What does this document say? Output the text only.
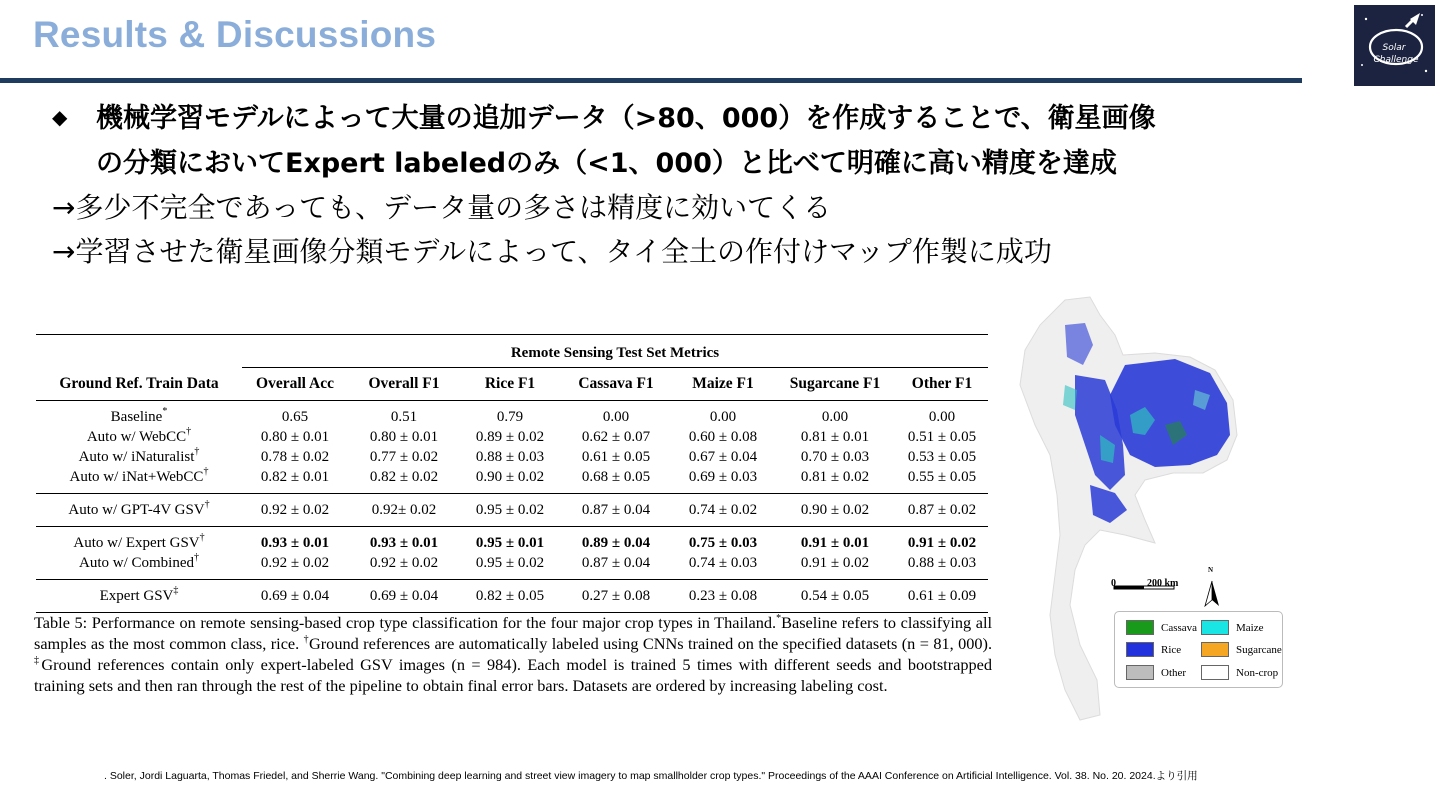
Results & Discussions	Solar
Challenge
◆	機械学習モデルによって大量の追加データ（>80、000）を作成することで、衛星画像
の分類においてExpert labeledのみ（<1、000）と比べて明確に高い精度を達成
→多少不完全であっても、データ量の多さは精度に効いてくる
→学習させた衛星画像分類モデルによって、タイ全土の作付けマップ作製に成功
	Remote Sensing Test Set Metrics						
Ground Ref. Train Data	Overall Acc	Overall F1	Rice F1	Cassava F1	Maize F1	Sugarcane F1	Other F1
Baseline*	0.65	0.51	0.79	0.00	0.00	0.00	0.00
Auto w/ WebCC†	0.80 ± 0.01	0.80 ± 0.01	0.89 ± 0.02	0.62 ± 0.07	0.60 ± 0.08	0.81 ± 0.01	0.51 ± 0.05
Auto w/ iNaturalist†	0.78 ± 0.02	0.77 ± 0.02	0.88 ± 0.03	0.61 ± 0.05	0.67 ± 0.04	0.70 ± 0.03	0.53 ± 0.05
Auto w/ iNat+WebCC†	0.82 ± 0.01	0.82 ± 0.02	0.90 ± 0.02	0.68 ± 0.05	0.69 ± 0.03	0.81 ± 0.02	0.55 ± 0.05
Auto w/ GPT-4V GSV†	0.92 ± 0.02	0.92± 0.02	0.95 ± 0.02	0.87 ± 0.04	0.74 ± 0.02	0.90 ± 0.02	0.87 ± 0.02
Auto w/ Expert GSV†	0.93 ± 0.01	0.93 ± 0.01	0.95 ± 0.01	0.89 ± 0.04	0.75 ± 0.03	0.91 ± 0.01	0.91 ± 0.02
Auto w/ Combined†	0.92 ± 0.02	0.92 ± 0.02	0.95 ± 0.02	0.87 ± 0.04	0.74 ± 0.03	0.91 ± 0.02	0.88 ± 0.03
Expert GSV‡	0.69 ± 0.04	0.69 ± 0.04	0.82 ± 0.05	0.27 ± 0.08	0.23 ± 0.08	0.54 ± 0.05	0.61 ± 0.09
Table 5: Performance on remote sensing-based crop type classification for the four major crop types in Thailand.*Baseline refers to classifying all samples as the most common class, rice. †Ground references are automatically labeled using CNNs trained on the specified datasets (n = 81, 000). ‡Ground references contain only expert-labeled GSV images (n = 984). Each model is trained 5 times with different seeds and bootstrapped training sets and then ran through the rest of the pipeline to obtain final error bars. Datasets are ordered by increasing labeling cost.
0	200 km
N
Cassava	Maize
Rice	Sugarcane
Other	Non-crop
. Soler, Jordi Laguarta, Thomas Friedel, and Sherrie Wang. "Combining deep learning and street view imagery to map smallholder crop types." Proceedings of the AAAI Conference on Artificial Intelligence. Vol. 38. No. 20. 2024.より引用
